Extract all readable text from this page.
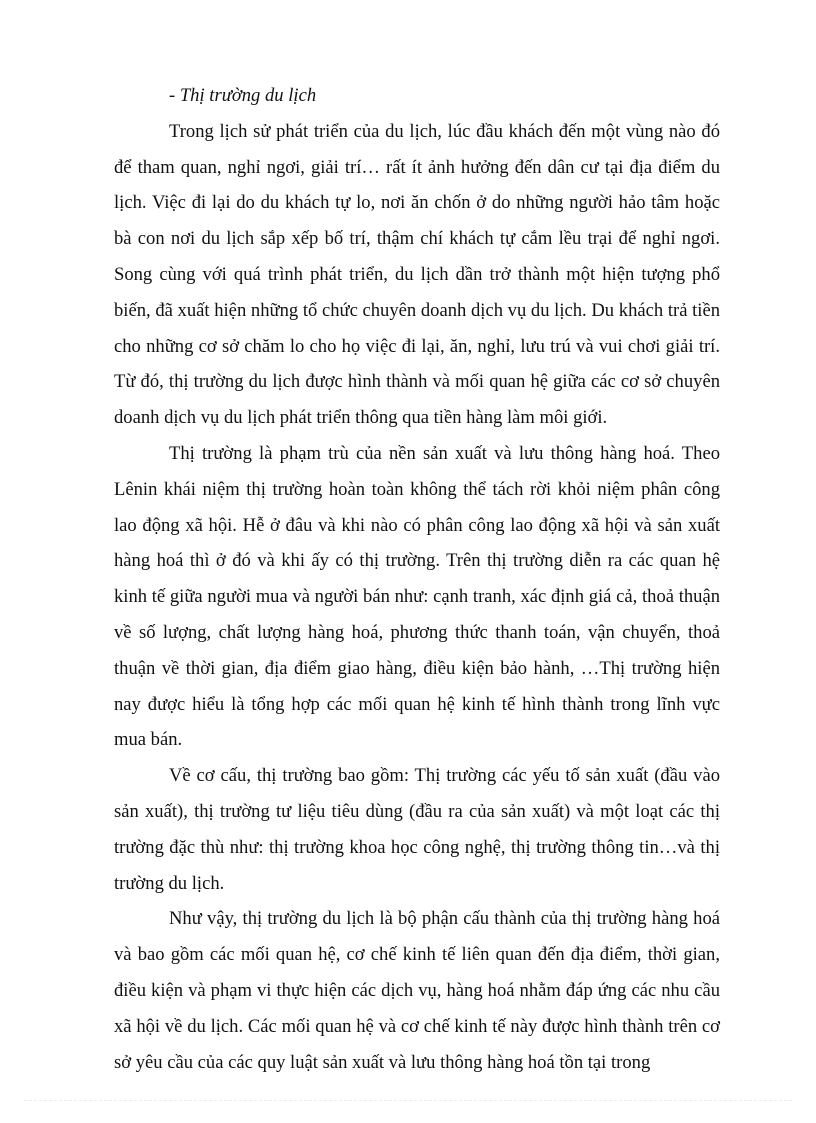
- Thị trường du lịch

Trong lịch sử phát triển của du lịch, lúc đầu khách đến một vùng nào đó để tham quan, nghỉ ngơi, giải trí… rất ít ảnh hưởng đến dân cư tại địa điểm du lịch. Việc đi lại do du khách tự lo, nơi ăn chốn ở do những người hảo tâm hoặc bà con nơi du lịch sắp xếp bố trí, thậm chí khách tự cắm lều trại để nghỉ ngơi. Song cùng với quá trình phát triển, du lịch dần trở thành một hiện tượng phổ biến, đã xuất hiện những tổ chức chuyên doanh dịch vụ du lịch. Du khách trả tiền cho những cơ sở chăm lo cho họ việc đi lại, ăn, nghỉ, lưu trú và vui chơi giải trí. Từ đó, thị trường du lịch được hình thành và mối quan hệ giữa các cơ sở chuyên doanh dịch vụ du lịch phát triển thông qua tiền hàng làm môi giới.

Thị trường là phạm trù của nền sản xuất và lưu thông hàng hoá. Theo Lênin khái niệm thị trường hoàn toàn không thể tách rời khỏi niệm phân công lao động xã hội. Hễ ở đâu và khi nào có phân công lao động xã hội và sản xuất hàng hoá thì ở đó và khi ấy có thị trường. Trên thị trường diễn ra các quan hệ kinh tế giữa người mua và người bán như: cạnh tranh, xác định giá cả, thoả thuận về số lượng, chất lượng hàng hoá, phương thức thanh toán, vận chuyển, thoả thuận về thời gian, địa điểm giao hàng, điều kiện bảo hành, …Thị trường hiện nay được hiểu là tổng hợp các mối quan hệ kinh tế hình thành trong lĩnh vực mua bán.

Về cơ cấu, thị trường bao gồm: Thị trường các yếu tố sản xuất (đầu vào sản xuất), thị trường tư liệu tiêu dùng (đầu ra của sản xuất) và một loạt các thị trường đặc thù như: thị trường khoa học công nghệ, thị trường thông tin…và thị trường du lịch.

Như vậy, thị trường du lịch là bộ phận cấu thành của thị trường hàng hoá và bao gồm các mối quan hệ, cơ chế kinh tế liên quan đến địa điểm, thời gian, điều kiện và phạm vi thực hiện các dịch vụ, hàng hoá nhằm đáp ứng các nhu cầu xã hội về du lịch. Các mối quan hệ và cơ chế kinh tế này được hình thành trên cơ sở yêu cầu của các quy luật sản xuất và lưu thông hàng hoá tồn tại trong
